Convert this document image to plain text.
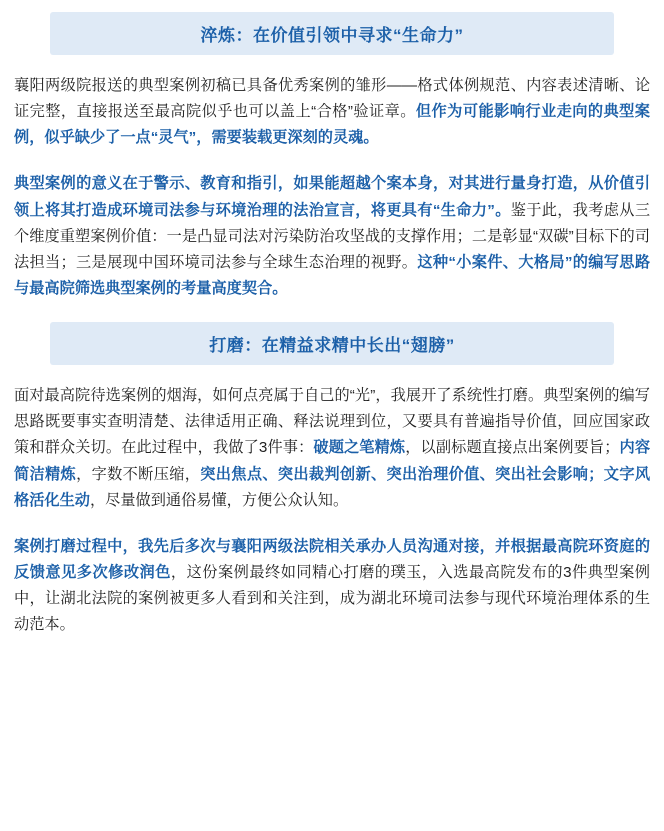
淬炼：在价值引领中寻求“生命力”

襄阳两级院报送的典型案例初稿已具备优秀案例的雏形——格式体例规范、内容表述清晰、论证完整，直接报送至最高院似乎也可以盖上“合格”验证章。但作为可能影响行业走向的典型案例，似乎缺少了一点“灵气”，需要装载更深刻的灵魂。

典型案例的意义在于警示、教育和指引，如果能超越个案本身，对其进行量身打造，从价值引领上将其打造成环境司法参与环境治理的法治宣言，将更具有“生命力”。鉴于此，我考虑从三个维度重塑案例价值：一是凸显司法对污染防治攻坚战的支撑作用；二是彰显“双碳”目标下的司法担当；三是展现中国环境司法参与全球生态治理的视野。这种“小案件、大格局”的编写思路与最高院筛选典型案例的考量高度契合。

打磨：在精益求精中长出“翅膀”

面对最高院待选案例的烟海，如何点亮属于自己的“光”，我展开了系统性打磨。典型案例的编写思路既要事实查明清楚、法律适用正确、释法说理到位，又要具有普遍指导价值，回应国家政策和群众关切。在此过程中，我做了3件事：破题之笔精炼，以副标题直接点出案例要旨；内容简洁精炼，字数不断压缩，突出焦点、突出裁判创新、突出治理价值、突出社会影响；文字风格活化生动，尽量做到通俗易懂，方便公众认知。

案例打磨过程中，我先后多次与襄阳两级法院相关承办人员沟通对接，并根据最高院环资庭的反馈意见多次修改润色，这份案例最终如同精心打磨的璞玉，入选最高院发布的3件典型案例中，让湖北法院的案例被更多人看到和关注到，成为湖北环境司法参与现代环境治理体系的生动范本。
